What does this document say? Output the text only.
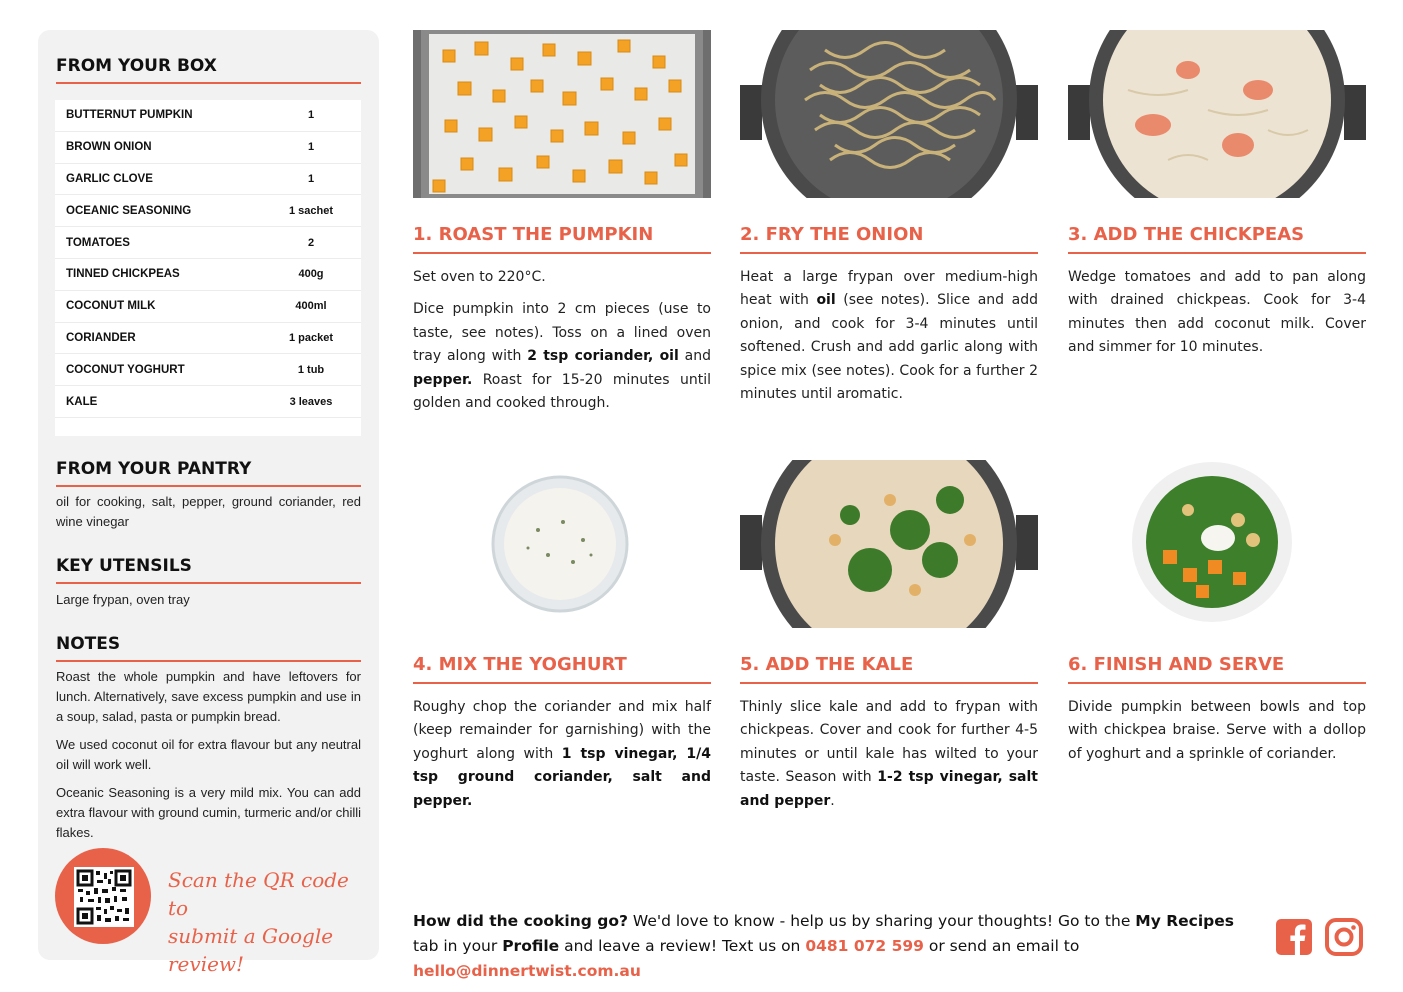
FROM YOUR BOX
BUTTERNUT PUMPKIN	1
BROWN ONION	1
GARLIC CLOVE	1
OCEANIC SEASONING	1 sachet
TOMATOES	2
TINNED CHICKPEAS	400g
COCONUT MILK	400ml
CORIANDER	1 packet
COCONUT YOGHURT	1 tub
KALE	3 leaves
FROM YOUR PANTRY
oil for cooking, salt, pepper, ground coriander, red wine vinegar
KEY UTENSILS
Large frypan, oven tray
NOTES

Roast the whole pumpkin and have leftovers for lunch. Alternatively, save excess pumpkin and use in a soup, salad, pasta or pumpkin bread.

We used coconut oil for extra flavour but any neutral oil will work well.

Oceanic Seasoning is a very mild mix. You can add extra flavour with ground cumin, turmeric and/or chilli flakes.

Scan the QR code to
submit a Google review!
1. ROAST THE PUMPKIN

Set oven to 220°C.

Dice pumpkin into 2 cm pieces (use to taste, see notes). Toss on a lined oven tray along with 2 tsp coriander, oil and pepper. Roast for 15-20 minutes until golden and cooked through.

2. FRY THE ONION

Heat a large frypan over medium-high heat with oil (see notes). Slice and add onion, and cook for 3-4 minutes until softened. Crush and add garlic along with spice mix (see notes). Cook for a further 2 minutes until aromatic.

3. ADD THE CHICKPEAS

Wedge tomatoes and add to pan along with drained chickpeas. Cook for 3-4 minutes then add coconut milk. Cover and simmer for 10 minutes.

4. MIX THE YOGHURT

Roughy chop the coriander and mix half (keep remainder for garnishing) with the yoghurt along with 1 tsp vinegar, 1/4 tsp ground coriander, salt and pepper.

5. ADD THE KALE

Thinly slice kale and add to frypan with chickpeas. Cover and cook for further 4-5 minutes or until kale has wilted to your taste. Season with 1-2 tsp vinegar, salt and pepper.

6. FINISH AND SERVE

Divide pumpkin between bowls and top with chickpea braise. Serve with a dollop of yoghurt and a sprinkle of coriander.

How did the cooking go? We'd love to know - help us by sharing your thoughts! Go to the My Recipes tab in your Profile and leave a review! Text us on 0481 072 599 or send an email to hello@dinnertwist.com.au
